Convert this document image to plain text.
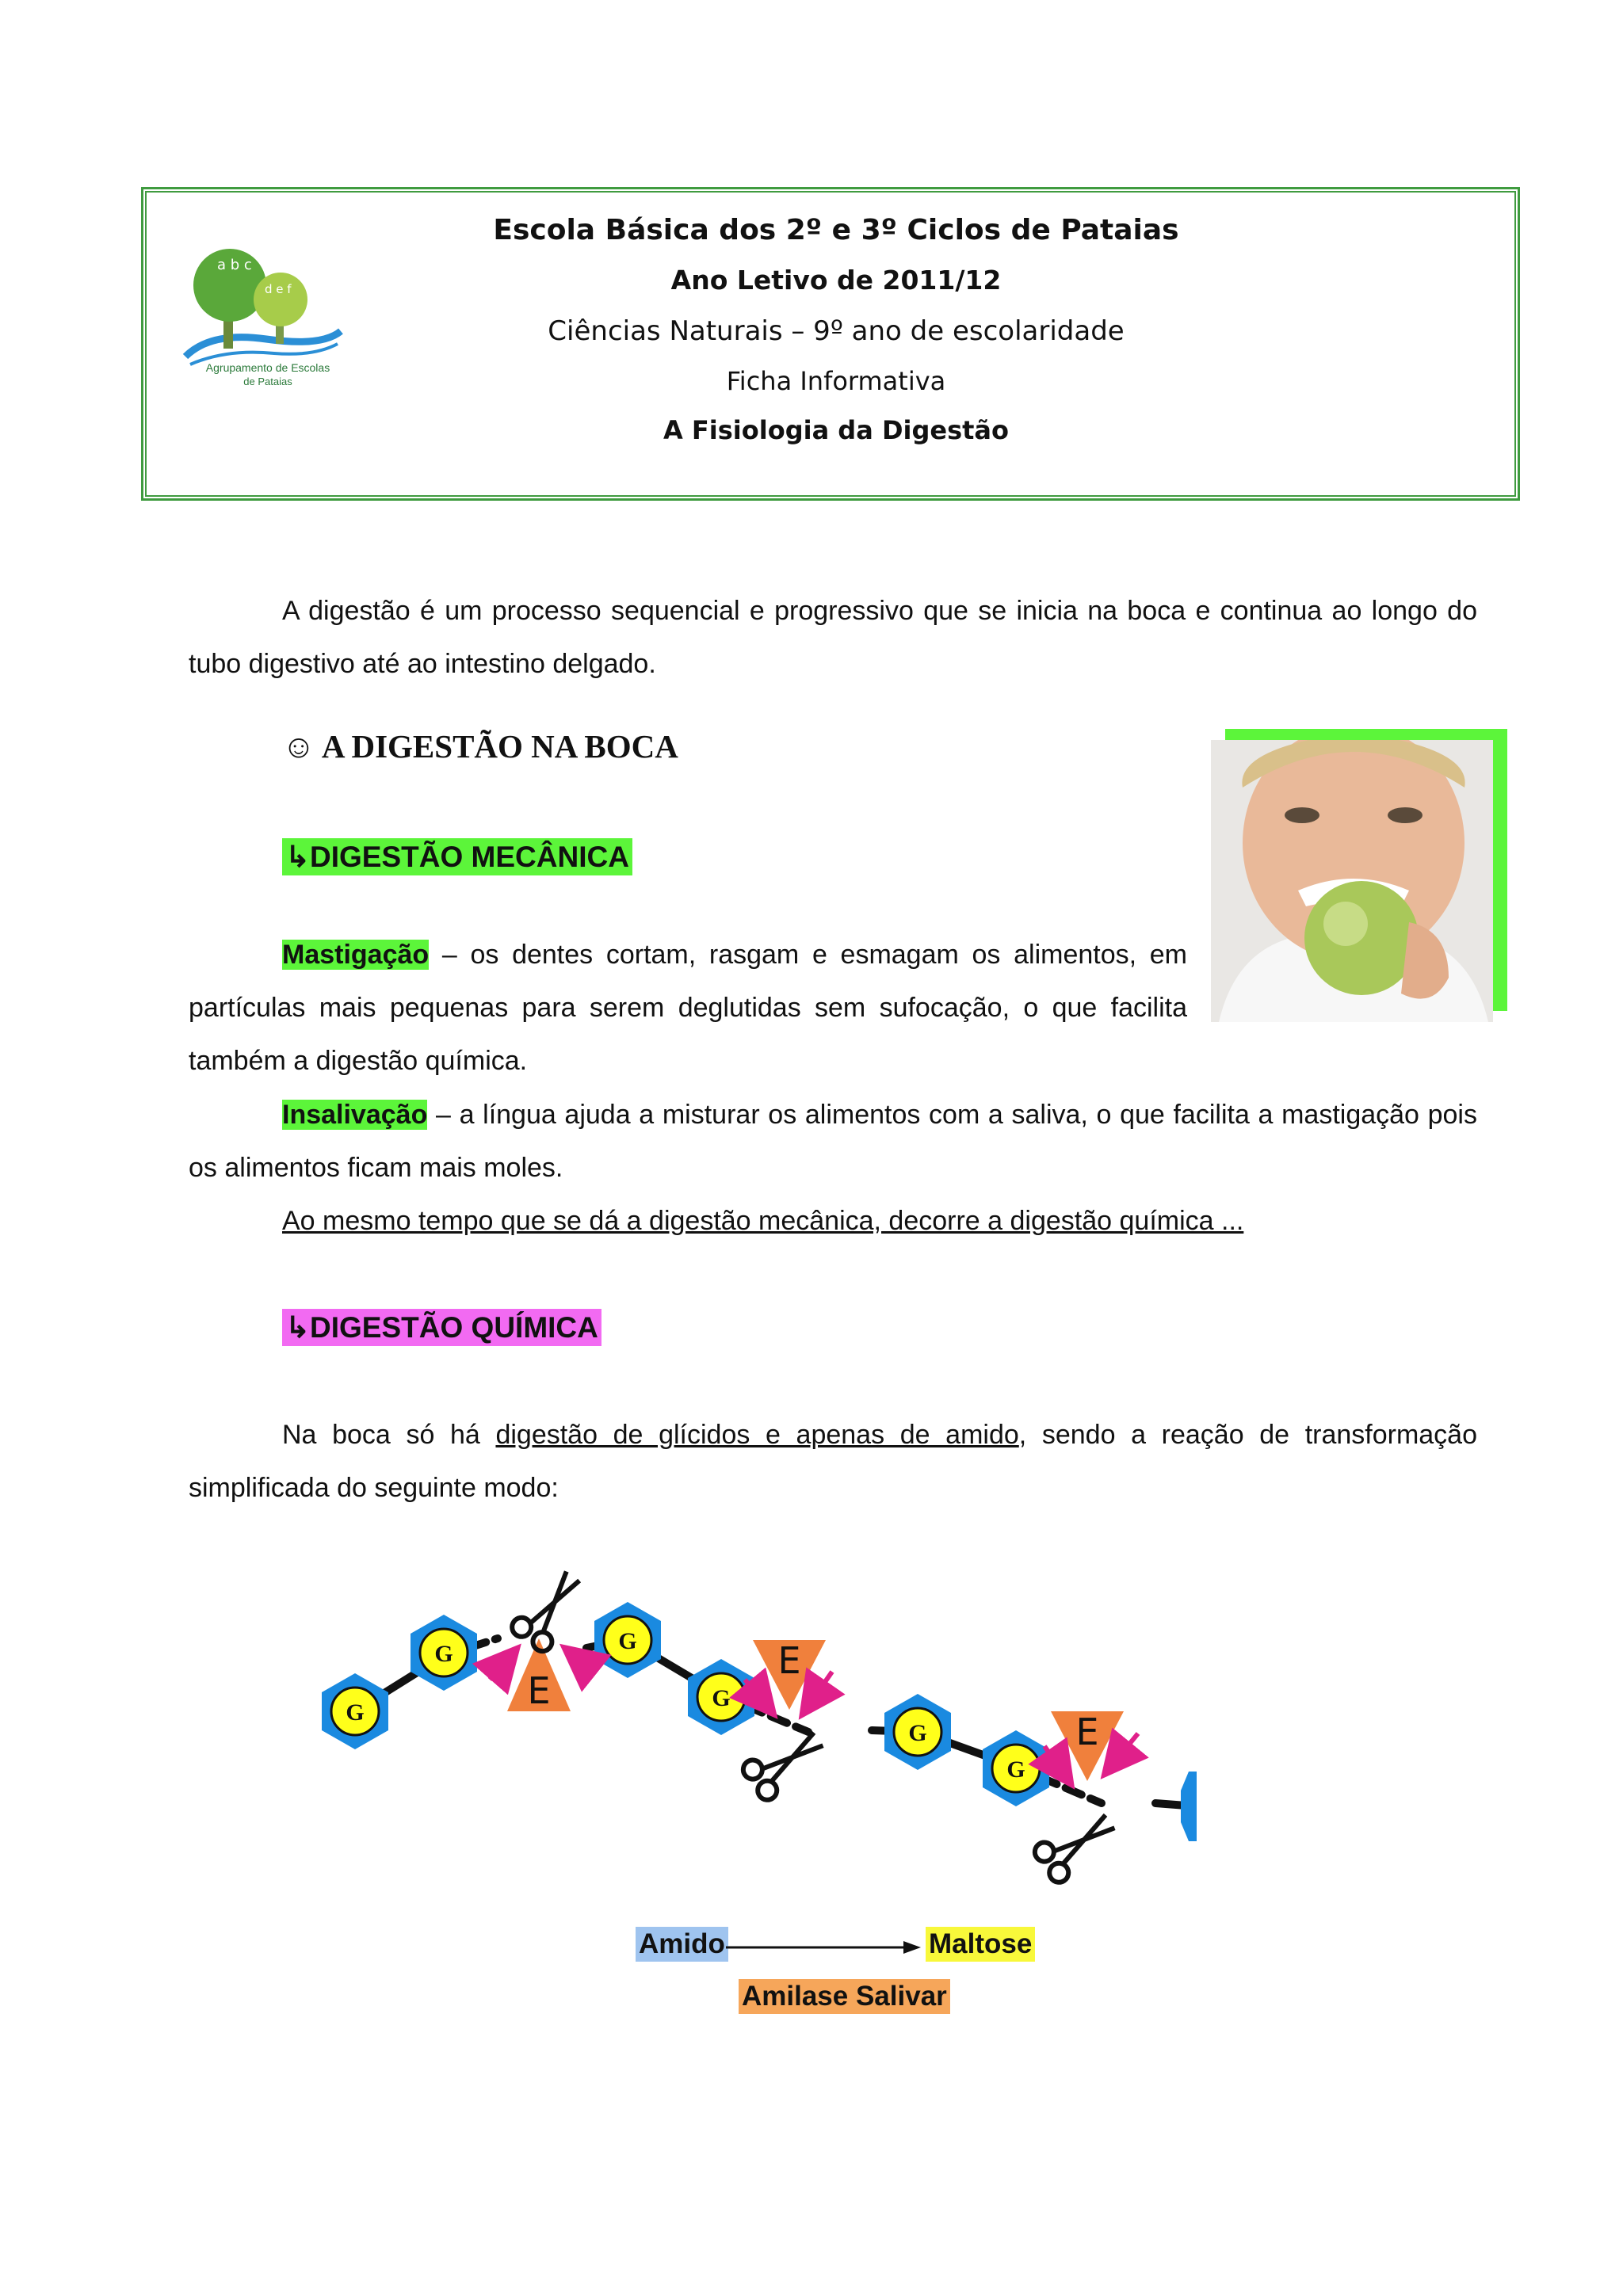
a b c
d e f
Agrupamento de Escolas
de Pataias
Escola Básica dos 2º e 3º Ciclos de Pataias
Ano Letivo de 2011/12
Ciências Naturais – 9º ano de escolaridade
Ficha Informativa
A Fisiologia da Digestão
A digestão é um processo sequencial e progressivo que se inicia na boca e continua ao longo do tubo digestivo até ao intestino delgado.
☺ A DIGESTÃO NA BOCA
↳DIGESTÃO MECÂNICA
Mastigação – os dentes cortam, rasgam e esmagam os alimentos, em partículas mais pequenas para serem deglutidas sem sufocação, o que facilita também a digestão química.
Insalivação – a língua ajuda a misturar os alimentos com a saliva, o que facilita a mastigação pois os alimentos ficam mais moles.
Ao mesmo tempo que se dá a digestão mecânica, decorre a digestão química ...
↳DIGESTÃO QUÍMICA
Na boca só há digestão de glícidos e apenas de amido, sendo a reação de transformação simplificada do seguinte modo:
G
G	G
G
G
G
E
E
E
Amido	Maltose
Amilase Salivar
